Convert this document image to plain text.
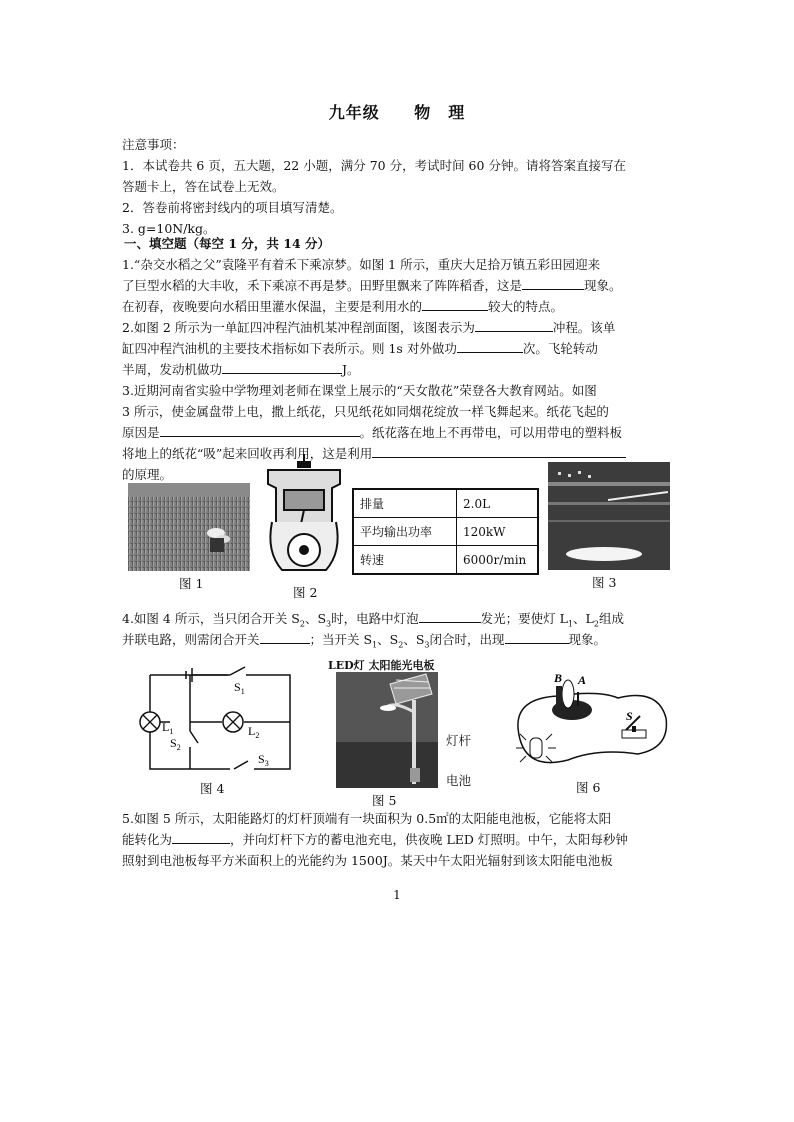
九年级 物　理
注意事项：
1．本试卷共 6 页，五大题，22 小题，满分 70 分，考试时间 60 分钟。请将答案直接写在
答题卡上，答在试卷上无效。
2．答卷前将密封线内的项目填写清楚。
3. g=10N/kg。
一、填空题（每空 1 分，共 14 分）
1.“杂交水稻之父”袁隆平有着禾下乘凉梦。如图 1 所示，重庆大足拾万镇五彩田园迎来
了巨型水稻的大丰收，禾下乘凉不再是梦。田野里飘来了阵阵稻香，这是	现象。
在初春，夜晚要向水稻田里灌水保温，主要是利用水的	较大的特点。
2.如图 2 所示为一单缸四冲程汽油机某冲程剖面图，该图表示为	冲程。该单
缸四冲程汽油机的主要技术指标如下表所示。则 1s 对外做功	次。飞轮转动
半周，发动机做功	J。
3.近期河南省实验中学物理刘老师在课堂上展示的“天女散花”荣登各大教育网站。如图
3 所示，使金属盘带上电，撒上纸花，只见纸花如同烟花绽放一样飞舞起来。纸花飞起的
原因是	。纸花落在地上不再带电，可以用带电的塑料板
将地上的纸花“吸”起来回收再利用，这是利用
的原理。
图 1
图 2
排量	2.0L
平均输出功率	120kW
转速	6000r/min
图 3
4.如图 4 所示，当只闭合开关 $S_2$、$S_3$时，电路中灯泡	发光；要使灯 $L_1$、$L_2$组成
并联电路，则需闭合开关	；当开关 $S_1$、$S_2$、$S_3$闭合时，出现	现象。
$S_1$
$L_1$	$L_2$
$S_2$
$S_3$
图 4
LED灯 太阳能光电板
灯杆
电池
图 5
B A
S
图 6
5.如图 5 所示，太阳能路灯的灯杆顶端有一块面积为 0.5㎡的太阳能电池板，它能将太阳
能转化为	，并向灯杆下方的蓄电池充电，供夜晚 LED 灯照明。中午，太阳每秒钟
照射到电池板每平方米面积上的光能约为 1500J。某天中午太阳光辐射到该太阳能电池板
1
